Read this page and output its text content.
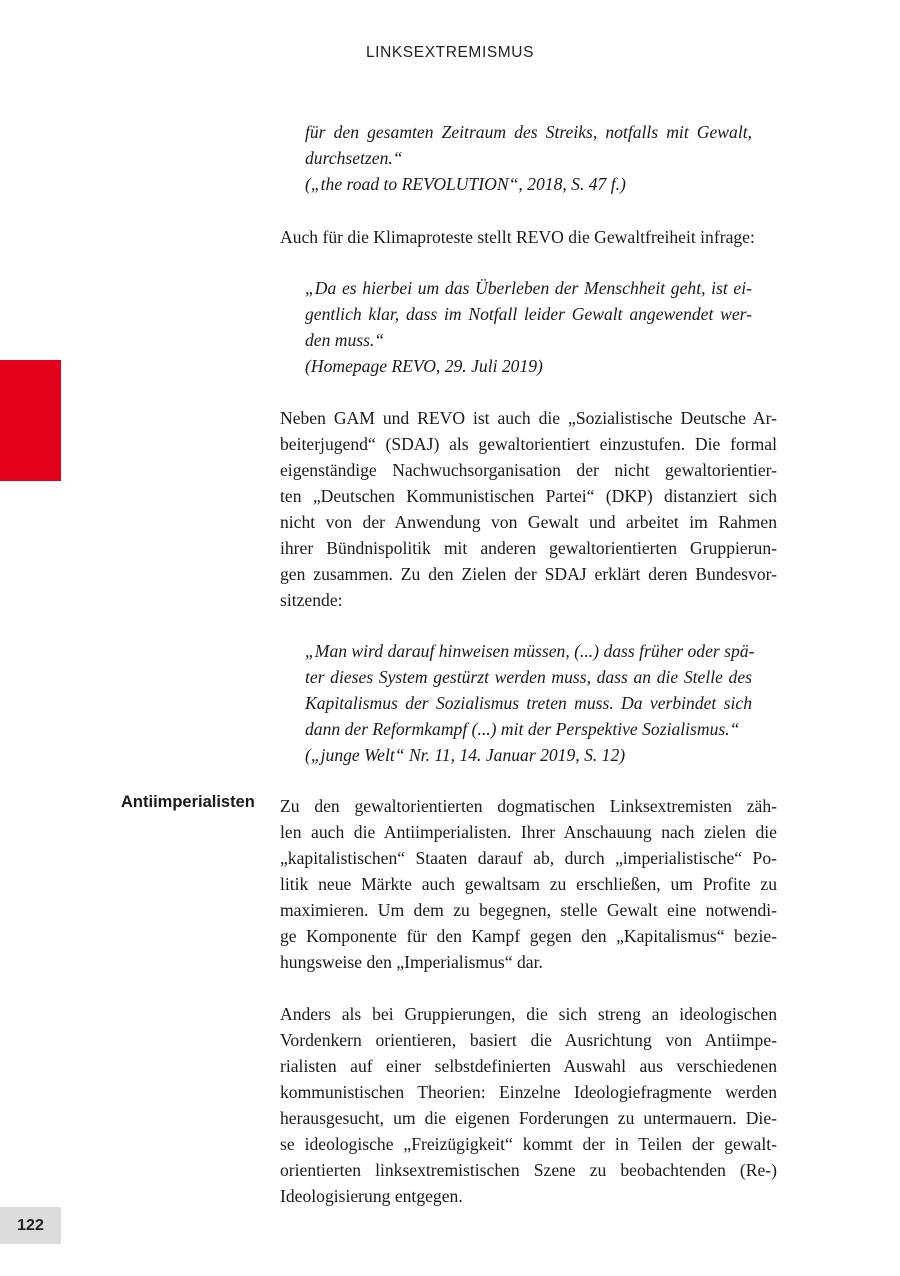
LINKSEXTREMISMUS
122
Antiimperialisten
für den gesamten Zeitraum des Streiks, notfalls mit Gewalt,
durchsetzen.“
(„the road to REVOLUTION“, 2018, S. 47 f.)
Auch für die Klimaproteste stellt REVO die Gewaltfreiheit infrage:
„Da es hierbei um das Überleben der Menschheit geht, ist ei-
gentlich klar, dass im Notfall leider Gewalt angewendet wer-
den muss.“
(Homepage REVO, 29. Juli 2019)
Neben GAM und REVO ist auch die „Sozialistische Deutsche Ar-
beiterjugend“ (SDAJ) als gewaltorientiert einzustufen. Die formal
eigenständige Nachwuchsorganisation der nicht gewaltorientier-
ten „Deutschen Kommunistischen Partei“ (DKP) distanziert sich
nicht von der Anwendung von Gewalt und arbeitet im Rahmen
ihrer Bündnispolitik mit anderen gewaltorientierten Gruppierun-
gen zusammen. Zu den Zielen der SDAJ erklärt deren Bundesvor-
sitzende:
„Man wird darauf hinweisen müssen, (...) dass früher oder spä-
ter dieses System gestürzt werden muss, dass an die Stelle des
Kapitalismus der Sozialismus treten muss. Da verbindet sich
dann der Reformkampf (...) mit der Perspektive Sozialismus.“
(„junge Welt“ Nr. 11, 14. Januar 2019, S. 12)
Zu den gewaltorientierten dogmatischen Linksextremisten zäh-
len auch die Antiimperialisten. Ihrer Anschauung nach zielen die
„kapitalistischen“ Staaten darauf ab, durch „imperialistische“ Po-
litik neue Märkte auch gewaltsam zu erschließen, um Profite zu
maximieren. Um dem zu begegnen, stelle Gewalt eine notwendi-
ge Komponente für den Kampf gegen den „Kapitalismus“ bezie-
hungsweise den „Imperialismus“ dar.
Anders als bei Gruppierungen, die sich streng an ideologischen
Vordenkern orientieren, basiert die Ausrichtung von Antiimpe-
rialisten auf einer selbstdefinierten Auswahl aus verschiedenen
kommunistischen Theorien: Einzelne Ideologiefragmente werden
herausgesucht, um die eigenen Forderungen zu untermauern. Die-
se ideologische „Freizügigkeit“ kommt der in Teilen der gewalt-
orientierten linksextremistischen Szene zu beobachtenden (Re-)
Ideologisierung entgegen.
